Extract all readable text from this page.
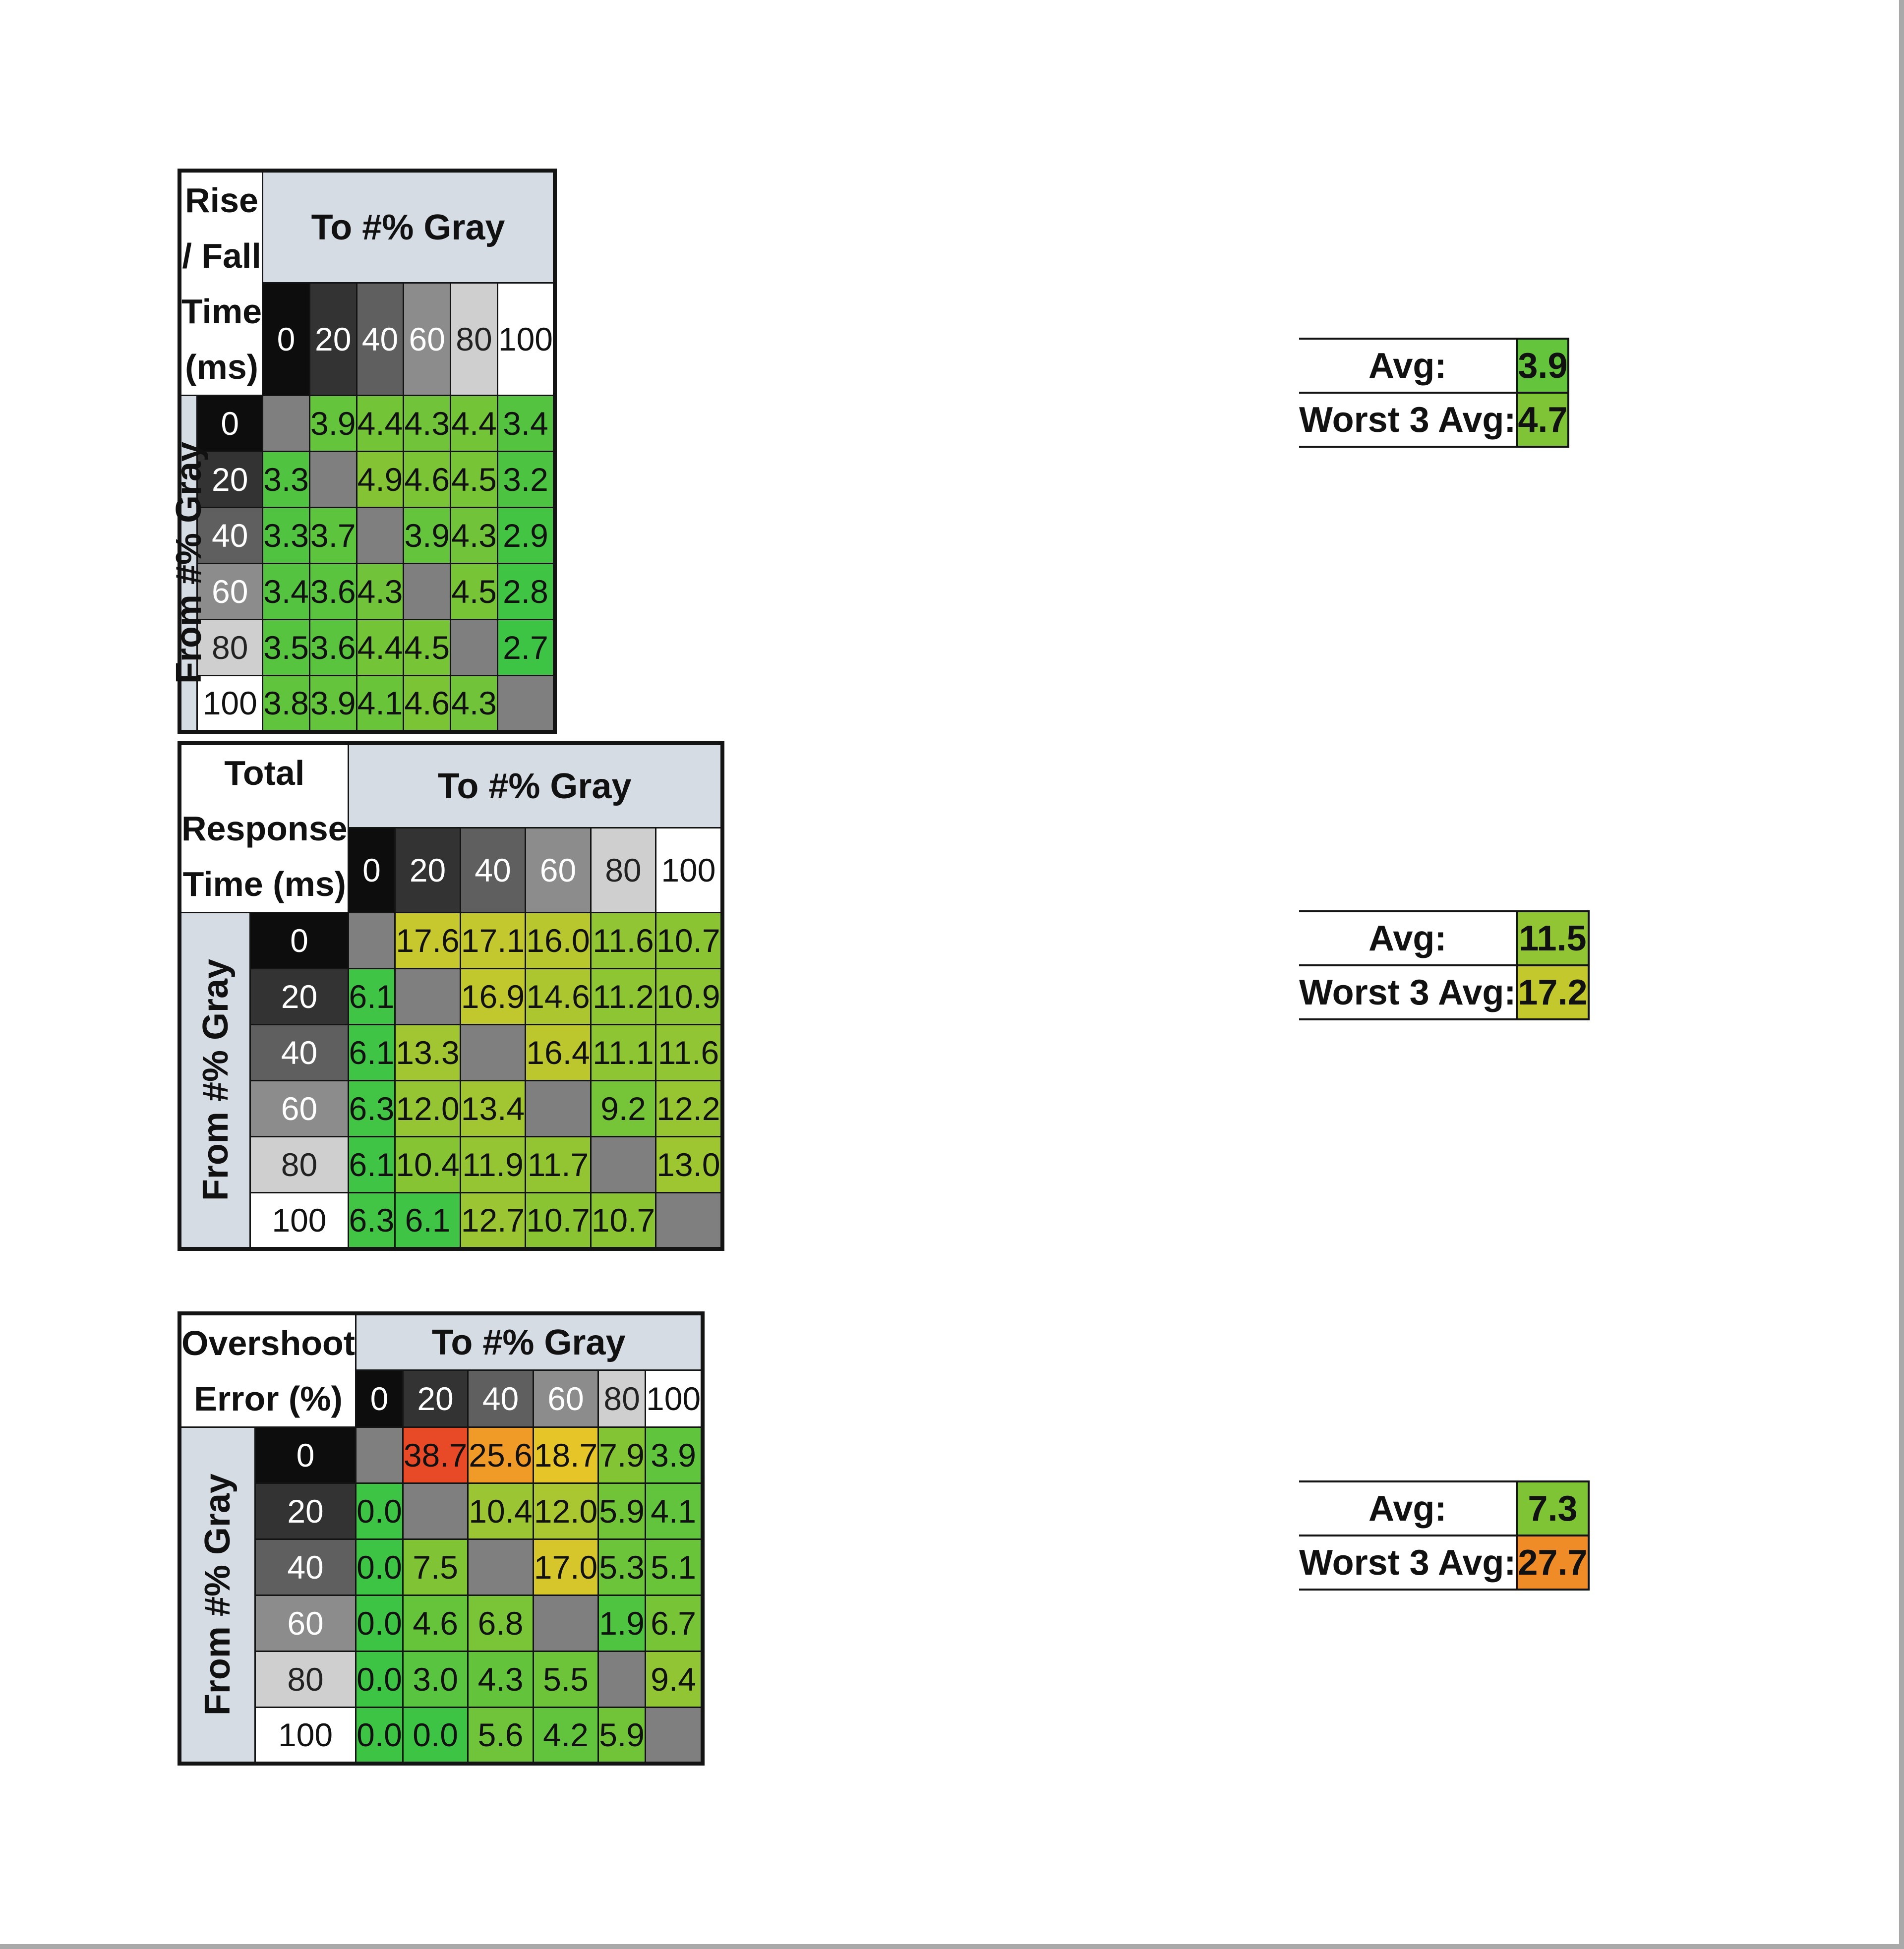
Rise / Fall
Time (ms)		To #% Gray					
		0	20	40	60	80	100

From #% Gray	0		3.9	4.4	4.3	4.4	3.4
	20	3.3		4.9	4.6	4.5	3.2
	40	3.3	3.7		3.9	4.3	2.9
	60	3.4	3.6	4.3		4.5	2.8
	80	3.5	3.6	4.4	4.5		2.7
	100	3.8	3.9	4.1	4.6	4.3	
Avg:	3.9
Worst 3 Avg:	4.7
Total Response
Time (ms)		To #% Gray					
		0	20	40	60	80	100

From #% Gray	0		17.6	17.1	16.0	11.6	10.7
	20	6.1		16.9	14.6	11.2	10.9
	40	6.1	13.3		16.4	11.1	11.6
	60	6.3	12.0	13.4		9.2	12.2
	80	6.1	10.4	11.9	11.7		13.0
	100	6.3	6.1	12.7	10.7	10.7	
Avg:	11.5
Worst 3 Avg:	17.2
Overshoot
Error (%)		To #% Gray					
		0	20	40	60	80	100

From #% Gray	0		38.7	25.6	18.7	7.9	3.9
	20	0.0		10.4	12.0	5.9	4.1
	40	0.0	7.5		17.0	5.3	5.1
	60	0.0	4.6	6.8		1.9	6.7
	80	0.0	3.0	4.3	5.5		9.4
	100	0.0	0.0	5.6	4.2	5.9	
Avg:	7.3
Worst 3 Avg:	27.7
